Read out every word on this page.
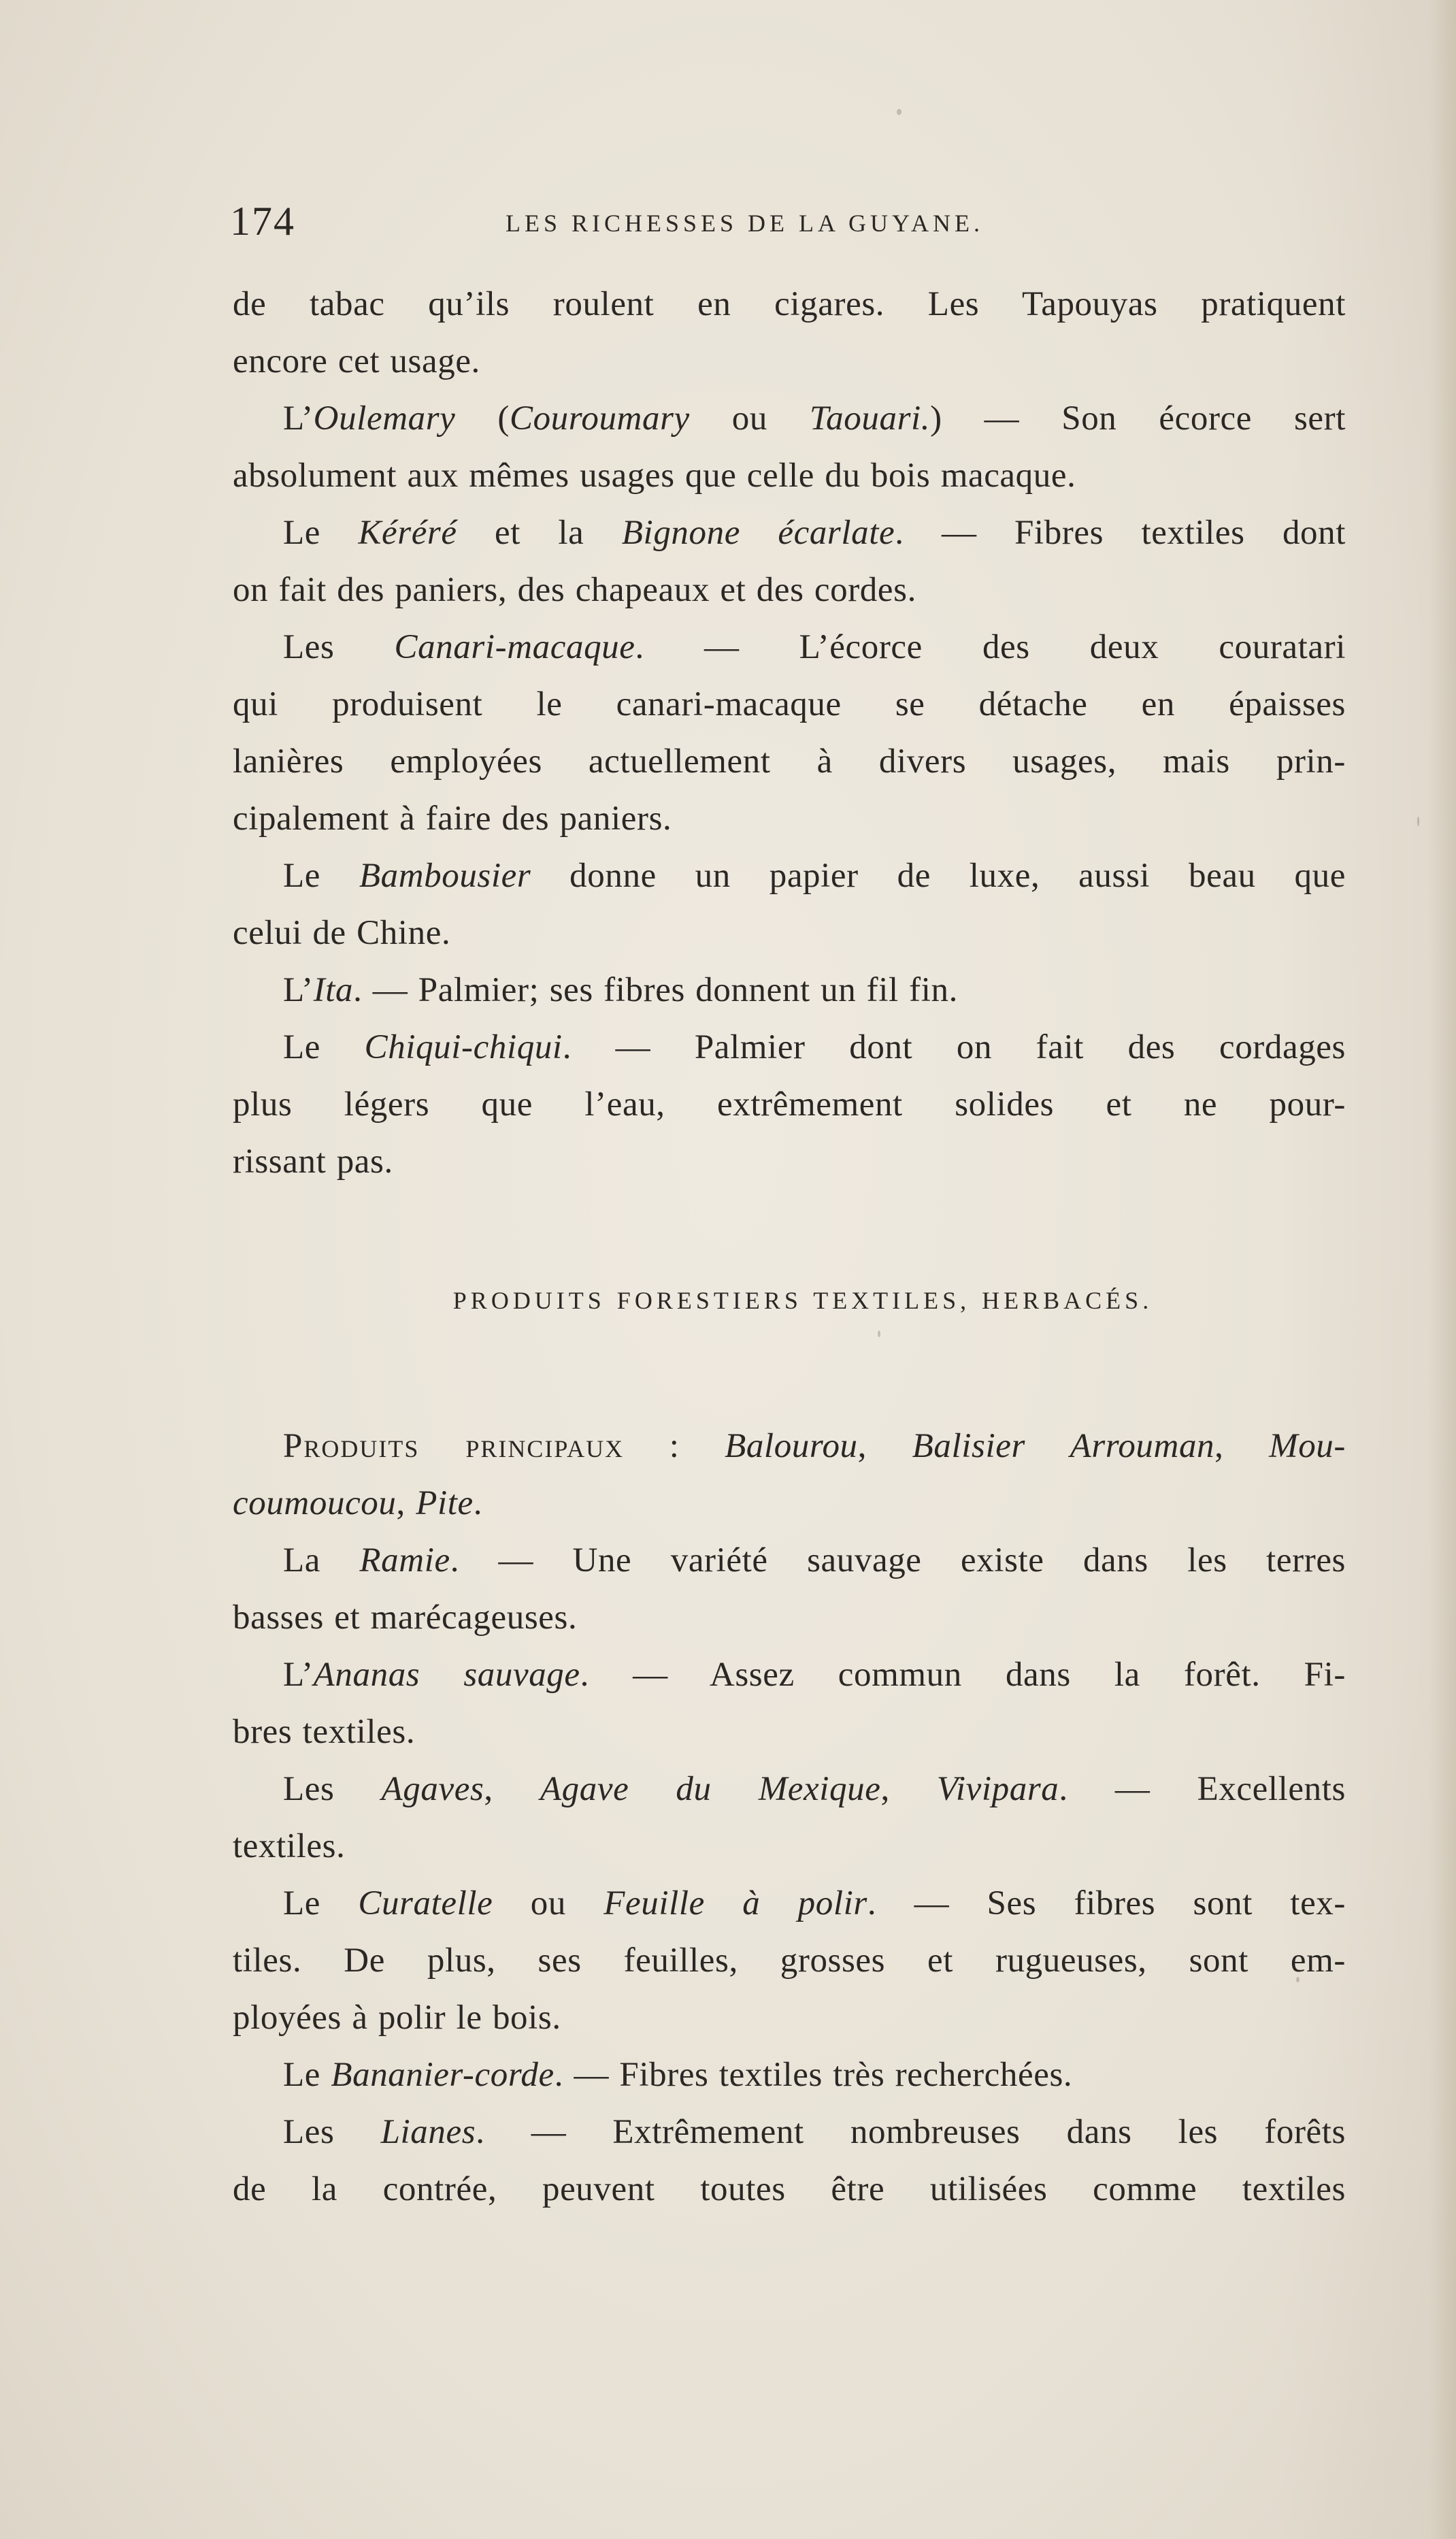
174	LES RICHESSES DE LA GUYANE.
de tabac qu’ils roulent en cigares. Les Tapouyas pratiquent
encore cet usage.
L’Oulemary (Couroumary ou Taouari.) — Son écorce sert
absolument aux mêmes usages que celle du bois macaque.
Le Kéréré et la Bignone écarlate. — Fibres textiles dont
on fait des paniers, des chapeaux et des cordes.
Les Canari-macaque. — L’écorce des deux couratari
qui produisent le canari-macaque se détache en épaisses
lanières employées actuellement à divers usages, mais prin-
cipalement à faire des paniers.
Le Bambousier donne un papier de luxe, aussi beau que
celui de Chine.
L’Ita. — Palmier; ses fibres donnent un fil fin.
Le Chiqui-chiqui. — Palmier dont on fait des cordages
plus légers que l’eau, extrêmement solides et ne pour-
rissant pas.
PRODUITS FORESTIERS TEXTILES, HERBACÉS.
Produits principaux : Balourou, Balisier Arrouman, Mou-
coumoucou, Pite.
La Ramie. — Une variété sauvage existe dans les terres
basses et marécageuses.
L’Ananas sauvage. — Assez commun dans la forêt. Fi-
bres textiles.
Les Agaves, Agave du Mexique, Vivipara. — Excellents
textiles.
Le Curatelle ou Feuille à polir. — Ses fibres sont tex-
tiles. De plus, ses feuilles, grosses et rugueuses, sont em-
ployées à polir le bois.
Le Bananier-corde. — Fibres textiles très recherchées.
Les Lianes. — Extrêmement nombreuses dans les forêts
de la contrée, peuvent toutes être utilisées comme textiles
